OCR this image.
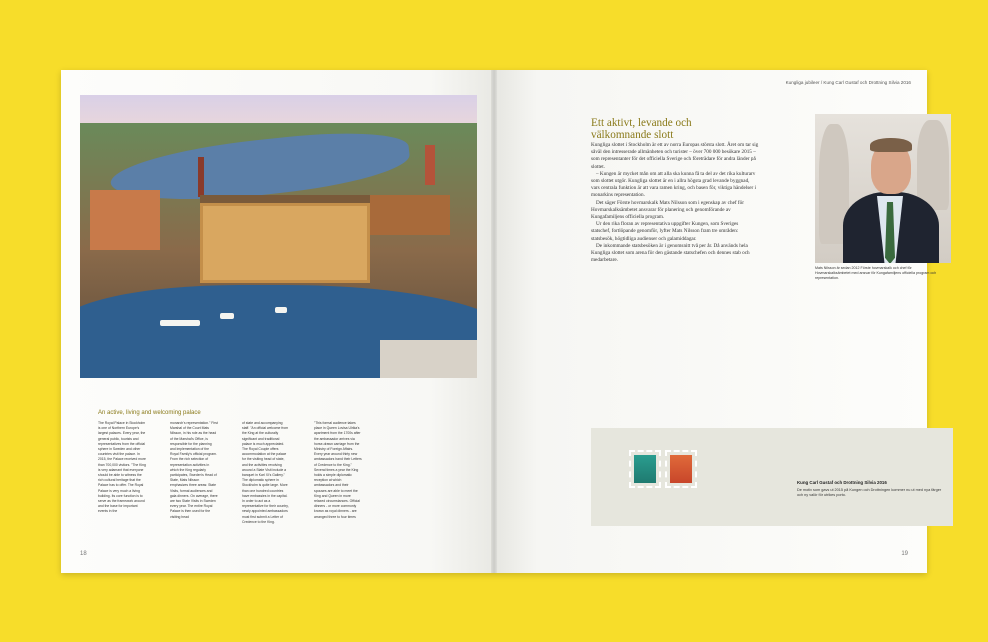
An active, living and welcoming palace
The Royal Palace in Stockholm is one of Northern Europe's largest palaces. Every year, the general public, tourists and representatives from the official sphere in Sweden and other countries visit the palace. In 2015, the Palace received more than 700,000 visitors. "The King is very adamant that everyone should be able to witness the rich cultural heritage that the Palace has to offer. The Royal Palace is very much a living building. Its core function is to serve as the framework around and the base for important events in the
monarch's representation." First Marshal of the Court Mats Nilsson, in his role as the head of the Marshal's Office, is responsible for the planning and implementation of the Royal Family's official program. From the rich selection of representation activities in which the King regularly participates, Sweden's Head of State, Mats Nilsson emphasizes three areas: State Visits, formal audiences and gala dinners. On average, there are two State Visits in Sweden every year. The entire Royal Palace is then used for the visiting head
of state and accompanying staff. "An official welcome from the King at the culturally significant and traditional palace is much appreciated. The Royal Couple offers accommodation at the palace for the visiting head of state, and the activities revolving around a State Visit include a banquet in Karl XI's Gallery." The diplomatic sphere in Stockholm is quite large. More than one hundred countries have embassies in the capital. In order to act as a representative for their country, newly appointed ambassadors must first submit a Letter of Credence to the King.
"This formal audience takes place in Queen Lovisa Ulrika's apartment from the 1700s after the ambassador arrives via horse-drawn carriage from the Ministry of Foreign Affairs. Every year around thirty new ambassadors hand their Letters of Credence to the King." Several times a year the King holds a simple diplomatic reception at which ambassadors and their spouses are able to meet the King and Queen in more relaxed circumstances. Official dinners - or more commonly known as royal dinners - are arranged three to four times
18
Kungliga jubileer / Kung Carl Gustaf och Drottning Silvia 2016
Ett aktivt, levande och välkomnande slott

Kungliga slottet i Stockholm är ett av norra Europas största slott. Året om tar sig såväl den intresserade allmänheten och turister – över 700 000 besökare 2015 – som representanter för det officiella Sverige och företrädare för andra länder på slottet.

– Kungen är mycket mån om att alla ska kunna få ta del av det rika kulturarv som slottet utgör. Kungliga slottet är en i allra högsta grad levande byggnad, vars centrala funktion är att vara ramen kring, och basen för, viktiga händelser i monarkins representation.

Det säger Förste hovmarskalk Mats Nilsson som i egenskap av chef för Hovmarskalksämbetet ansvarar för planering och genomförande av Kungafamiljens officiella program.

Ur den rika floran av representativa uppgifter Kungen, som Sveriges statschef, fortlöpande genomför, lyfter Mats Nilsson fram tre områden: statsbesök, högtidliga audienser och galamiddagar.

De inkommande statsbesöken är i genomsnitt två per år. Då används hela Kungliga slottet som arena för den gästande statschefen och dennes stab och medarbetare.

Mats Nilsson är sedan 2012 Förste hovmarskalk och chef för Hovmarskalksämbetet med ansvar för Kungafamiljens officiella program och representation.
Kung Carl Gustaf och Drottning Silvia 2016
De motiv som gavs ut 2015 på Kungen och Drottningen kommer nu ut med nya färger och ny valör för utrikes porto.
19
